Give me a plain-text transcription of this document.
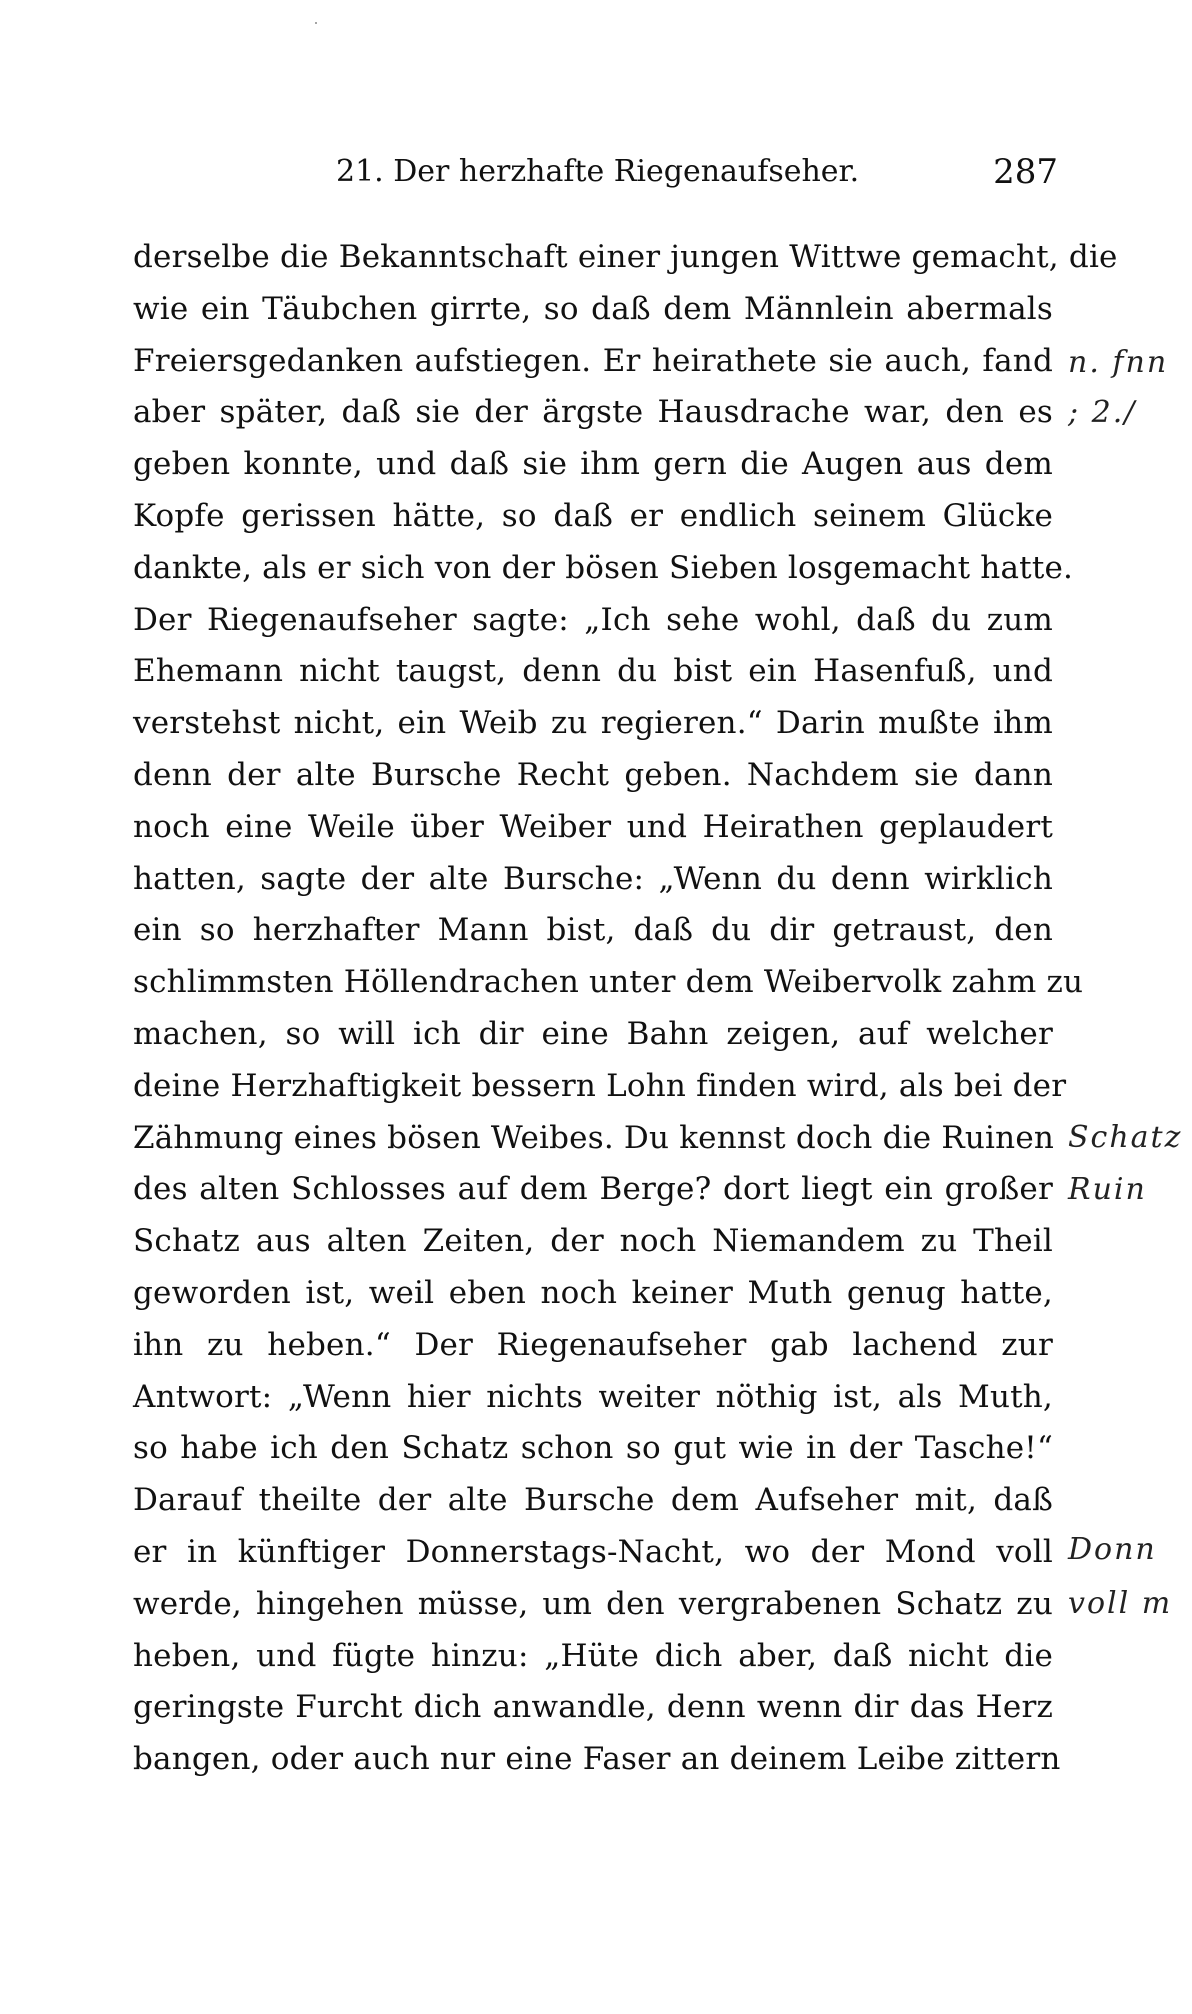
21. Der herzhafte Riegenaufseher.	287
derselbe die Bekanntschaft einer jungen Wittwe gemacht, die
wie ein Täubchen girrte, so daß dem Männlein abermals
Freiersgedanken aufstiegen. Er heirathete sie auch, fand
aber später, daß sie der ärgste Hausdrache war, den es
geben konnte, und daß sie ihm gern die Augen aus dem
Kopfe gerissen hätte, so daß er endlich seinem Glücke
dankte, als er sich von der bösen Sieben losgemacht hatte.
Der Riegenaufseher sagte: „Ich sehe wohl, daß du zum
Ehemann nicht taugst, denn du bist ein Hasenfuß, und
verstehst nicht, ein Weib zu regieren.“ Darin mußte ihm
denn der alte Bursche Recht geben. Nachdem sie dann
noch eine Weile über Weiber und Heirathen geplaudert
hatten, sagte der alte Bursche: „Wenn du denn wirklich
ein so herzhafter Mann bist, daß du dir getraust, den
schlimmsten Höllendrachen unter dem Weibervolk zahm zu
machen, so will ich dir eine Bahn zeigen, auf welcher
deine Herzhaftigkeit bessern Lohn finden wird, als bei der
Zähmung eines bösen Weibes. Du kennst doch die Ruinen
des alten Schlosses auf dem Berge? dort liegt ein großer
Schatz aus alten Zeiten, der noch Niemandem zu Theil
geworden ist, weil eben noch keiner Muth genug hatte,
ihn zu heben.“ Der Riegenaufseher gab lachend zur
Antwort: „Wenn hier nichts weiter nöthig ist, als Muth,
so habe ich den Schatz schon so gut wie in der Tasche!“
Darauf theilte der alte Bursche dem Aufseher mit, daß
er in künftiger Donnerstags-Nacht, wo der Mond voll
werde, hingehen müsse, um den vergrabenen Schatz zu
heben, und fügte hinzu: „Hüte dich aber, daß nicht die
geringste Furcht dich anwandle, denn wenn dir das Herz
bangen, oder auch nur eine Faser an deinem Leibe zittern
n. fnn
; 2./
Schatz
Ruin
Donn
voll m
